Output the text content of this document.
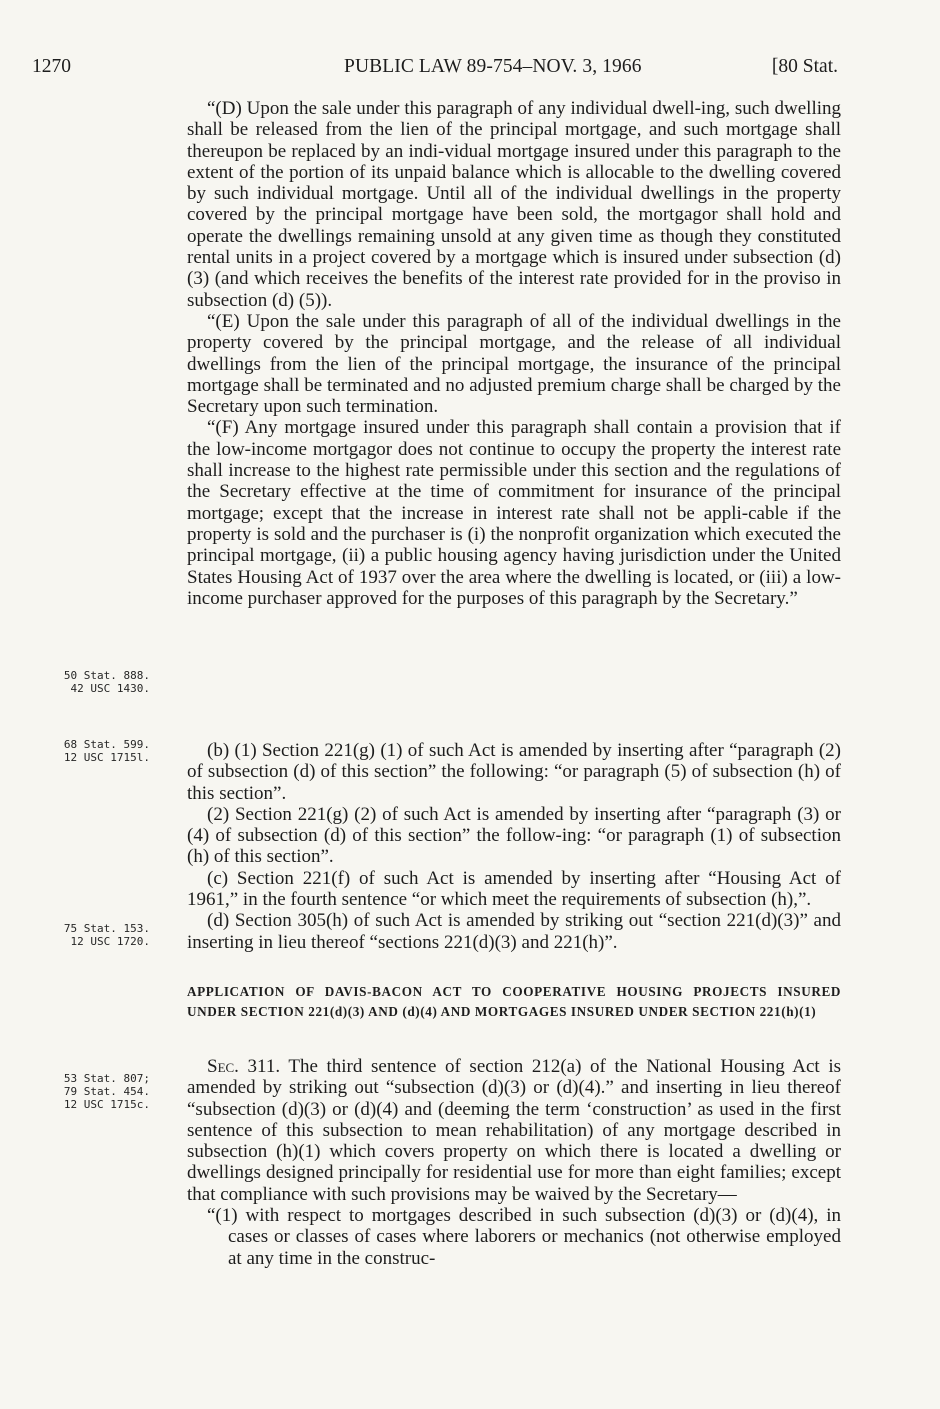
1270	PUBLIC LAW 89-754–NOV. 3, 1966	[80 Stat.

“(D) Upon the sale under this paragraph of any individual dwell-ing, such dwelling shall be released from the lien of the principal mortgage, and such mortgage shall thereupon be replaced by an indi-vidual mortgage insured under this paragraph to the extent of the portion of its unpaid balance which is allocable to the dwelling covered by such individual mortgage. Until all of the individual dwellings in the property covered by the principal mortgage have been sold, the mortgagor shall hold and operate the dwellings remaining unsold at any given time as though they constituted rental units in a project covered by a mortgage which is insured under subsection (d) (3) (and which receives the benefits of the interest rate provided for in the proviso in subsection (d) (5)).

“(E) Upon the sale under this paragraph of all of the individual dwellings in the property covered by the principal mortgage, and the release of all individual dwellings from the lien of the principal mortgage, the insurance of the principal mortgage shall be terminated and no adjusted premium charge shall be charged by the Secretary upon such termination.

“(F) Any mortgage insured under this paragraph shall contain a provision that if the low-income mortgagor does not continue to occupy the property the interest rate shall increase to the highest rate permissible under this section and the regulations of the Secretary effective at the time of commitment for insurance of the principal mortgage; except that the increase in interest rate shall not be appli-cable if the property is sold and the purchaser is (i) the nonprofit organization which executed the principal mortgage, (ii) a public housing agency having jurisdiction under the United States Housing Act of 1937 over the area where the dwelling is located, or (iii) a low-income purchaser approved for the purposes of this paragraph by the Secretary.”

(b) (1) Section 221(g) (1) of such Act is amended by inserting after “paragraph (2) of subsection (d) of this section” the following: “or paragraph (5) of subsection (h) of this section”.

(2) Section 221(g) (2) of such Act is amended by inserting after “paragraph (3) or (4) of subsection (d) of this section” the follow-ing: “or paragraph (1) of subsection (h) of this section”.

(c) Section 221(f) of such Act is amended by inserting after “Housing Act of 1961,” in the fourth sentence “or which meet the requirements of subsection (h),”.

(d) Section 305(h) of such Act is amended by striking out “section 221(d)(3)” and inserting in lieu thereof “sections 221(d)(3) and 221(h)”.

APPLICATION OF DAVIS-BACON ACT TO COOPERATIVE HOUSING PROJECTS INSURED UNDER SECTION 221(d)(3) AND (d)(4) AND MORTGAGES INSURED UNDER SECTION 221(h)(1)

Sec. 311. The third sentence of section 212(a) of the National Housing Act is amended by striking out “subsection (d)(3) or (d)(4).” and inserting in lieu thereof “subsection (d)(3) or (d)(4) and (deeming the term ‘construction’ as used in the first sentence of this subsection to mean rehabilitation) of any mortgage described in subsection (h)(1) which covers property on which there is located a dwelling or dwellings designed principally for residential use for more than eight families; except that compliance with such provisions may be waived by the Secretary—

“(1) with respect to mortgages described in such subsection (d)(3) or (d)(4), in cases or classes of cases where laborers or mechanics (not otherwise employed at any time in the construc-

50 Stat. 888.
42 USC 1430.
68 Stat. 599.
12 USC 1715l.
75 Stat. 153.
12 USC 1720.
53 Stat. 807;
79 Stat. 454.
12 USC 1715c.
